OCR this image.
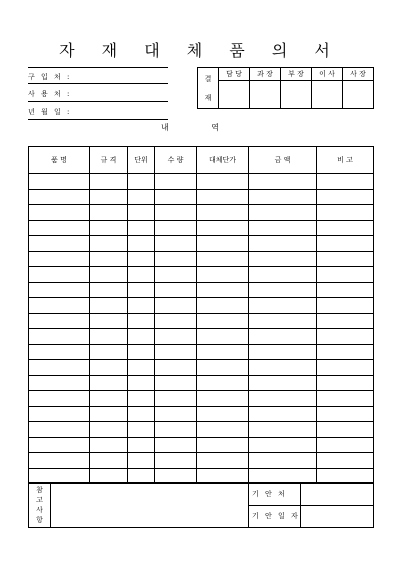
자 재 대 체 품 의 서
구 입 처 :
사 용 처 :
년 월 일 :
결
재	담 당	과 장	부 장	이 사	사 장

내 역
품 명	규 격	단위	수 량	대체단가	금 액	비 고

참
고
사
항		기 안 처	
		기 안 일 자	
